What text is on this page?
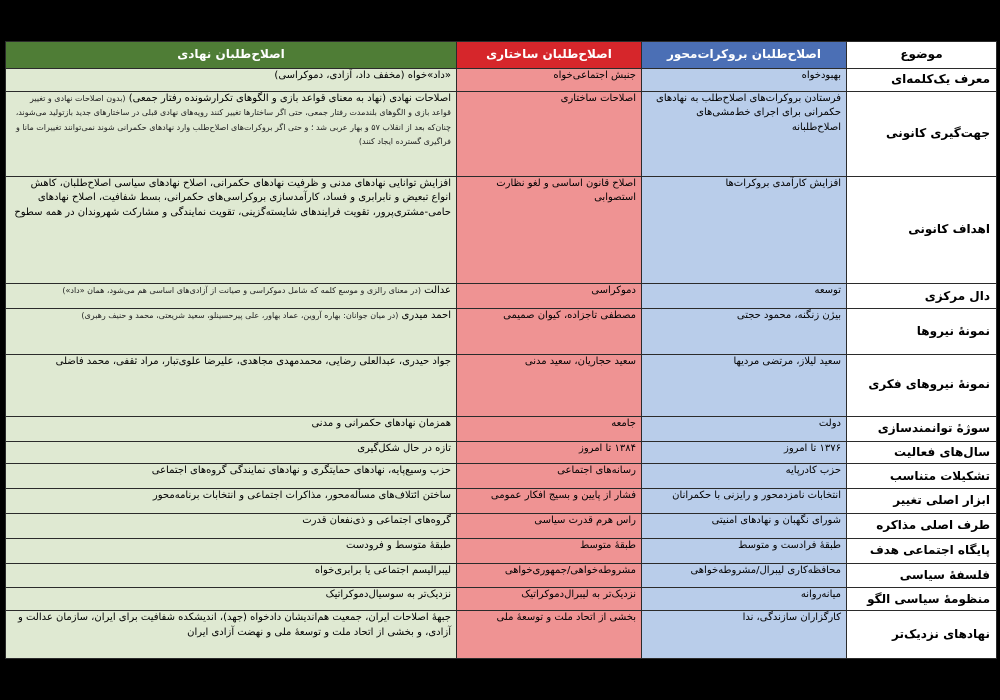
موضوع	اصلاح‌طلبان بروکرات‌محور	اصلاح‌طلبان ساختاری	اصلاح‌طلبان نهادی
معرف یک‌کلمه‌ای	بهبودخواه	جنبش اجتماعی‌خواه	«داد»خواه (مخفف داد، آزادی، دموکراسی)
جهت‌گیری کانونی	فرستادن بروکرات‌های اصلاح‌طلب به نهادهای حکمرانی برای اجرای خط‌مشی‌های اصلاح‌طلبانه	اصلاحات ساختاری	اصلاحات نهادی (نهاد به معنای قواعد بازی و الگوهای تکرارشونده رفتار جمعی) (بدون اصلاحات نهادی و تغییر قواعد بازی و الگوهای بلندمدت رفتار جمعی، حتی اگر ساختارها تغییر کنند رویه‌های نهادی قبلی در ساختارهای جدید بازتولید می‌شوند، چنان‌که بعد از انقلاب ۵۷ و بهار عربی شد ؛ و حتی اگر بروکرات‌های اصلاح‌طلب وارد نهادهای حکمرانی شوند نمی‌توانند تغییرات مانا و فراگیری گسترده ایجاد کنند)
اهداف کانونی	افزایش کارآمدی بروکرات‌ها	اصلاح قانون اساسی و لغو نظارت استصوابی	افزایش توانایی نهادهای مدنی و ظرفیت نهادهای حکمرانی، اصلاح نهادهای سیاسی اصلاح‌طلبان، کاهش انواع تبعیض و نابرابری و فساد، کارآمدسازی بروکراسی‌های حکمرانی، بسط شفافیت، اصلاح نهادهای حامی-مشتری‌پرور، تقویت فرایندهای شایسته‌گزینی، تقویت نمایندگی و مشارکت شهروندان در همه سطوح
دال مرکزی	توسعه	دموکراسی	عدالت (در معنای رالزی و موسع کلمه که شامل دموکراسی و صیانت از آزادی‌های اساسی هم می‌شود، همان «داد»)
نمونهٔ نیروها	بیژن زنگنه، محمود حجتی	مصطفی تاجزاده، کیوان صمیمی	احمد میدری (در میان جوانان: بهاره آروین، عماد بهاور، علی پیرحسینلو، سعید شریعتی، محمد و حنیف رهبری)
نمونهٔ نیروهای فکری	سعید لیلاز، مرتضی مردیها	سعید حجاریان، سعید مدنی	جواد حیدری، عبدالعلی رضایی، محمدمهدی مجاهدی، علیرضا علوی‌تبار، مراد ثقفی، محمد فاضلی
سوژهٔ توانمندسازی	دولت	جامعه	همزمان نهادهای حکمرانی و مدنی
سال‌های فعالیت	۱۳۷۶ تا امروز	۱۳۸۴ تا امروز	تازه در حال شکل‌گیری
تشکیلات متناسب	حزب کادرپایه	رسانه‌های اجتماعی	حزب وسیع‌پایه، نهادهای حمایتگری و نهادهای نمایندگی گروه‌های اجتماعی
ابزار اصلی تغییر	انتخابات نامزدمحور و رایزنی با حکمرانان	فشار از پایین و بسیج افکار عمومی	ساختن ائتلاف‌های مسأله‌محور، مذاکرات اجتماعی و انتخابات برنامه‌محور
طرف اصلی مذاکره	شورای نگهبان و نهادهای امنیتی	راس هرم قدرت سیاسی	گروه‌های اجتماعی و ذی‌نفعان قدرت
پایگاه اجتماعی هدف	طبقهٔ فرادست و متوسط	طبقهٔ متوسط	طبقهٔ متوسط و فرودست
فلسفهٔ سیاسی	محافظه‌کاری لیبرال/مشروطه‌خواهی	مشروطه‌خواهی/جمهوری‌خواهی	لیبرالیسم اجتماعی یا برابری‌خواه
منظومهٔ سیاسی الگو	میانه‌روانه	نزدیک‌تر به لیبرال‌دموکراتیک	نزدیک‌تر به سوسیال‌دموکراتیک
نهادهای نزدیک‌تر	کارگزاران سازندگی، ندا	بخشی از اتحاد ملت و توسعهٔ ملی	جبههٔ اصلاحات ایران، جمعیت هم‌اندیشان دادخواه (جهد)، اندیشکده شفافیت برای ایران، سازمان عدالت و آزادی، و بخشی از اتحاد ملت و توسعهٔ ملی و نهضت آزادی ایران
